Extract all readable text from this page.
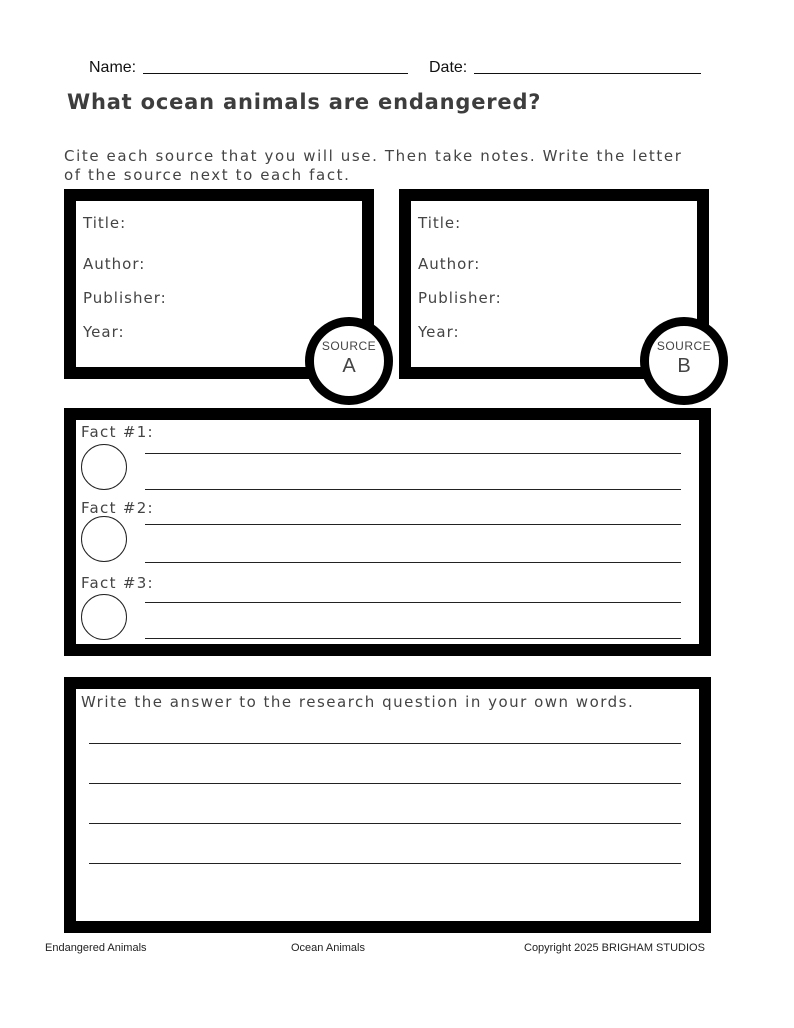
Name:	Date:
What ocean animals are endangered?
Cite each source that you will use. Then take notes. Write the letter
of the source next to each fact.
Title:
Author:
Publisher:
Year:
SOURCE
A
Title:
Author:
Publisher:
Year:
SOURCE
B
Fact #1:
Fact #2:
Fact #3:
Write the answer to the research question in your own words.
Endangered Animals	Ocean Animals	Copyright 2025 BRIGHAM STUDIOS
